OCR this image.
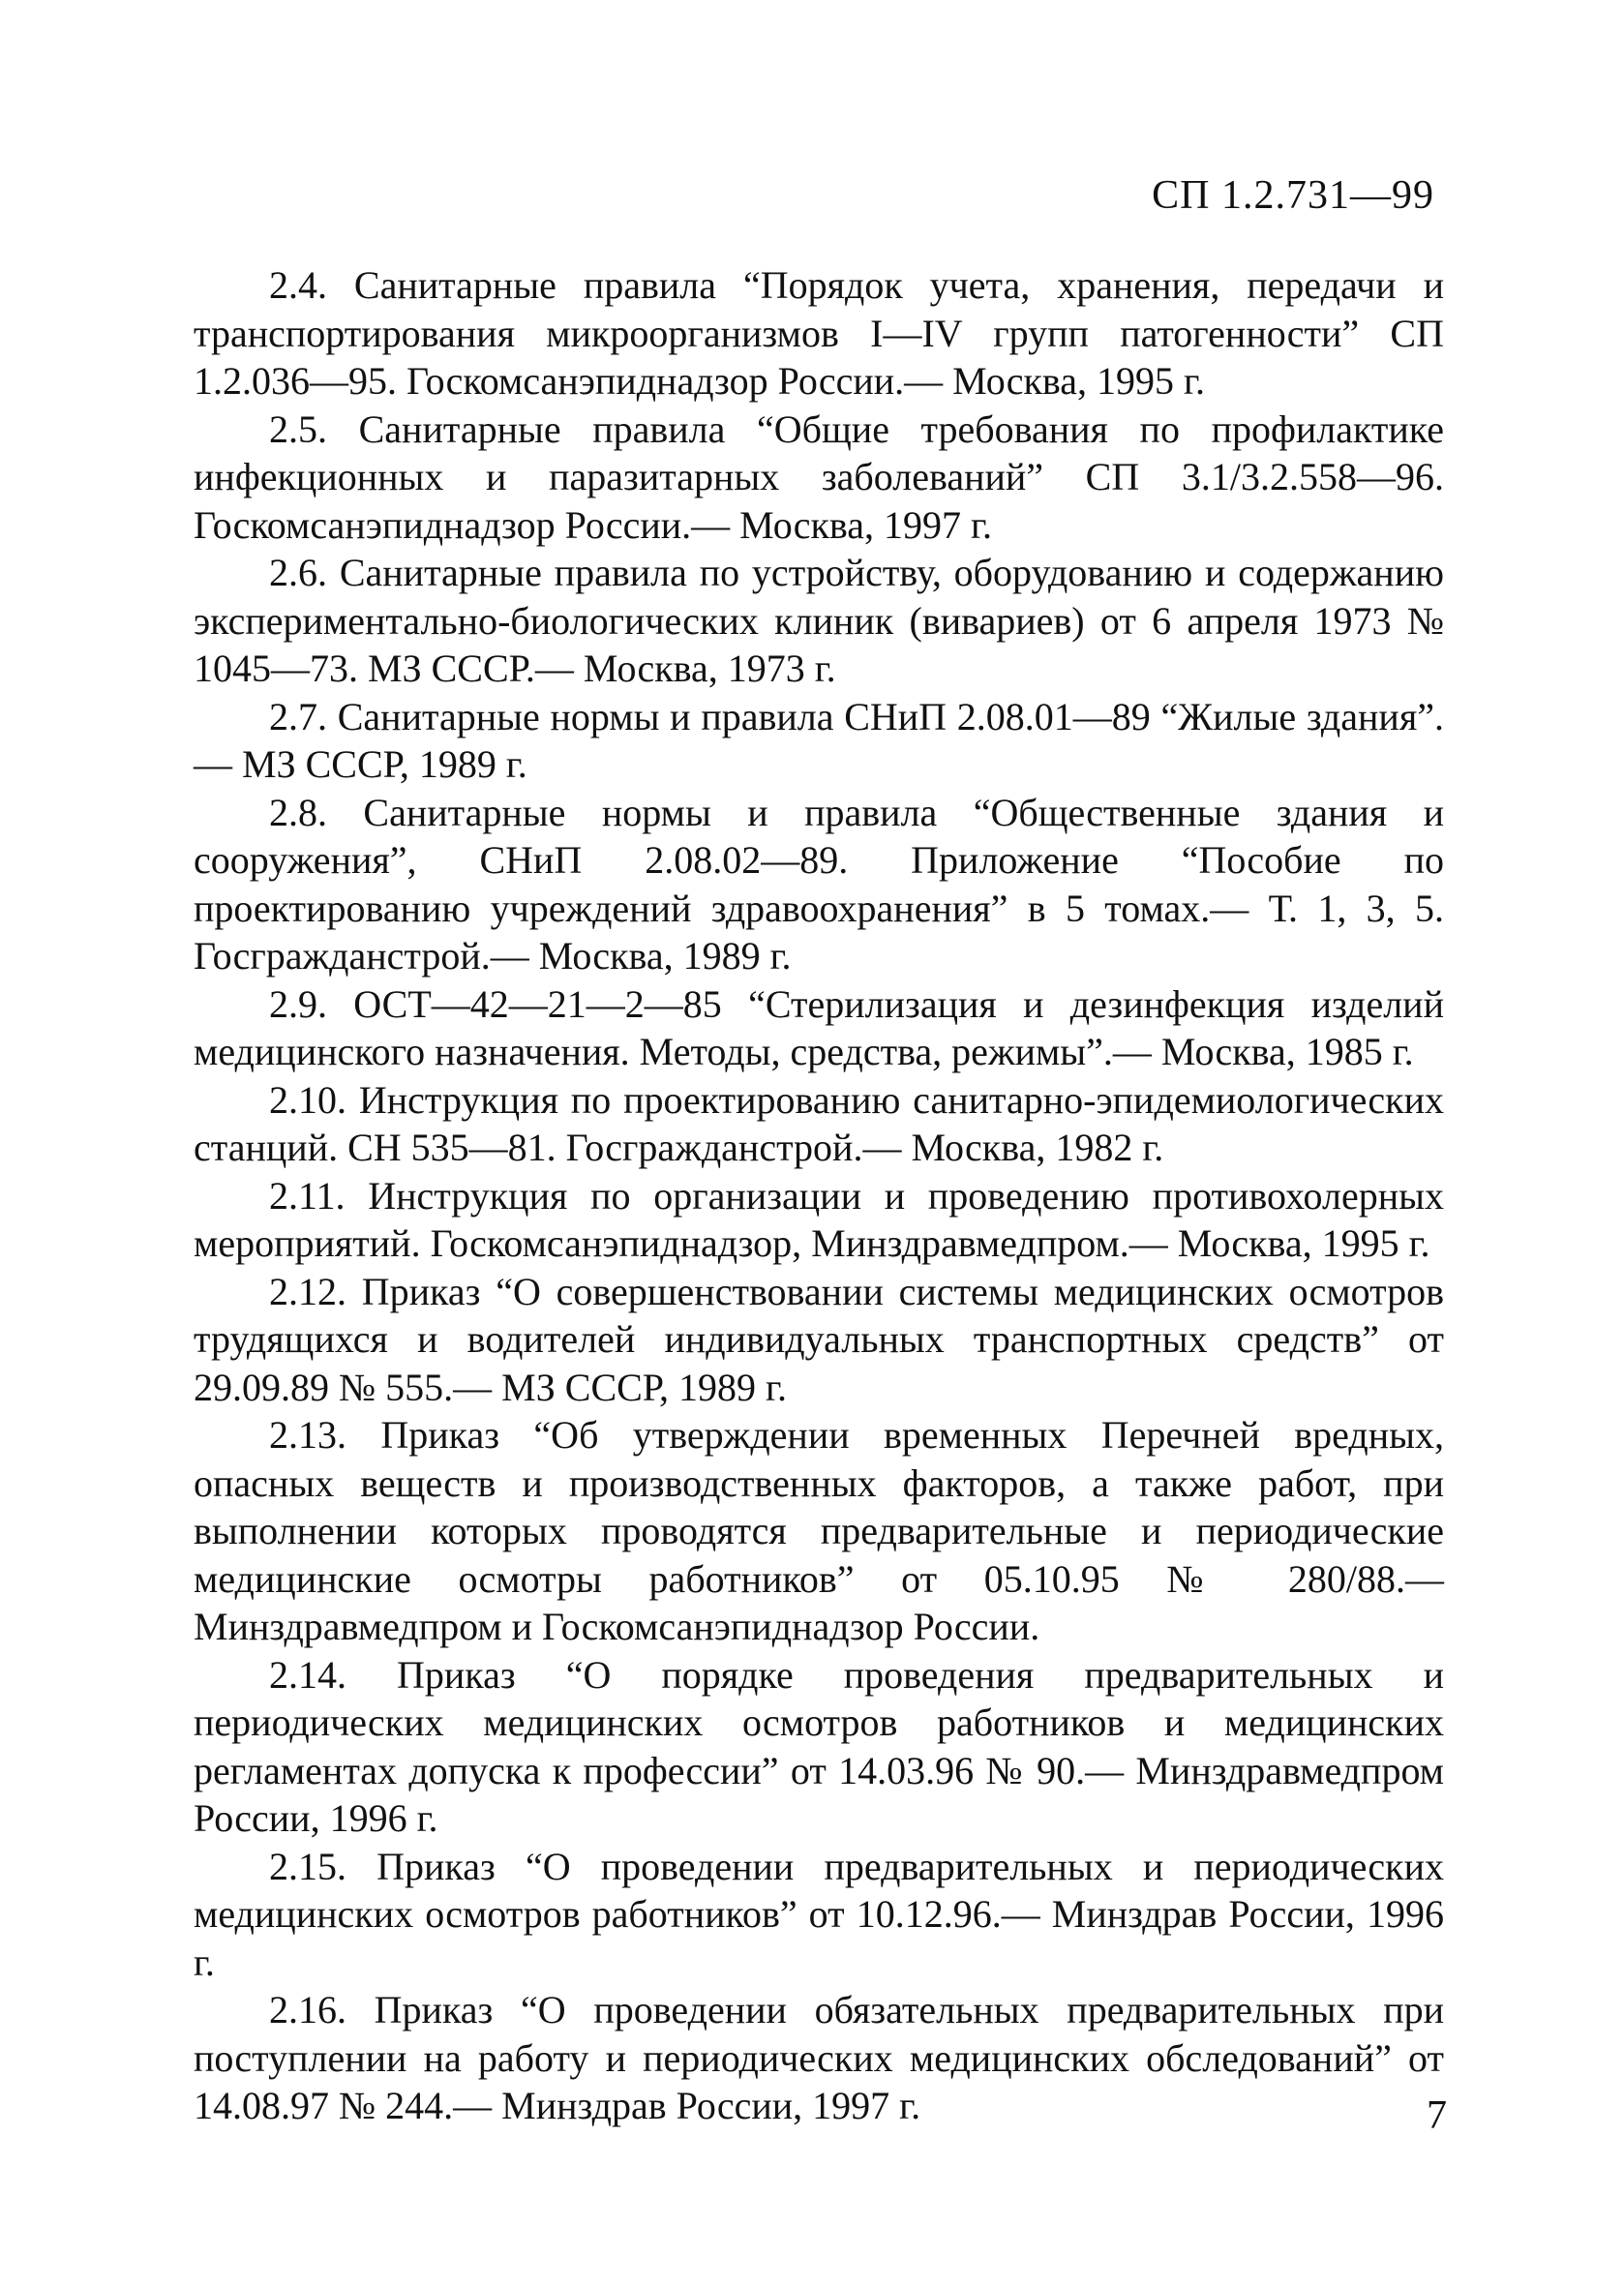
СП 1.2.731—99

2.4. Санитарные правила “Порядок учета, хранения, передачи и транспортирования микроорганизмов I—IV групп патогенности” СП 1.2.036—95. Госкомсанэпиднадзор России.— Москва, 1995 г.

2.5. Санитарные правила “Общие требования по профилактике инфекционных и паразитарных заболеваний” СП 3.1/3.2.558—96. Госкомсанэпиднадзор России.— Москва, 1997 г.

2.6. Санитарные правила по устройству, оборудованию и содержанию экспериментально-биологических клиник (вивариев) от 6 апреля 1973 № 1045—73. МЗ СССР.— Москва, 1973 г.

2.7. Санитарные нормы и правила СНиП 2.08.01—89 “Жилые здания”.— МЗ СССР, 1989 г.

2.8. Санитарные нормы и правила “Общественные здания и сооружения”, СНиП 2.08.02—89. Приложение “Пособие по проектированию учреждений здравоохранения” в 5 томах.— Т. 1, 3, 5. Госгражданстрой.— Москва, 1989 г.

2.9. ОСТ—42—21—2—85 “Стерилизация и дезинфекция изделий медицинского назначения. Методы, средства, режимы”.— Москва, 1985 г.

2.10. Инструкция по проектированию санитарно-эпидемиологических станций. СН 535—81. Госгражданстрой.— Москва, 1982 г.

2.11. Инструкция по организации и проведению противохолерных мероприятий. Госкомсанэпиднадзор, Минздравмедпром.— Москва, 1995 г.

2.12. Приказ “О совершенствовании системы медицинских осмотров трудящихся и водителей индивидуальных транспортных средств” от 29.09.89 № 555.— МЗ СССР, 1989 г.

2.13. Приказ “Об утверждении временных Перечней вредных, опасных веществ и производственных факторов, а также работ, при выполнении которых проводятся предварительные и периодические медицинские осмотры работников” от 05.10.95 № 280/88.— Минздравмедпром и Госкомсанэпиднадзор России.

2.14. Приказ “О порядке проведения предварительных и периодических медицинских осмотров работников и медицинских регламентах допуска к профессии” от 14.03.96 № 90.— Минздравмедпром России, 1996 г.

2.15. Приказ “О проведении предварительных и периодических медицинских осмотров работников” от 10.12.96.— Минздрав России, 1996 г.

2.16. Приказ “О проведении обязательных предварительных при поступлении на работу и периодических медицинских обследований” от 14.08.97 № 244.— Минздрав России, 1997 г.	7
